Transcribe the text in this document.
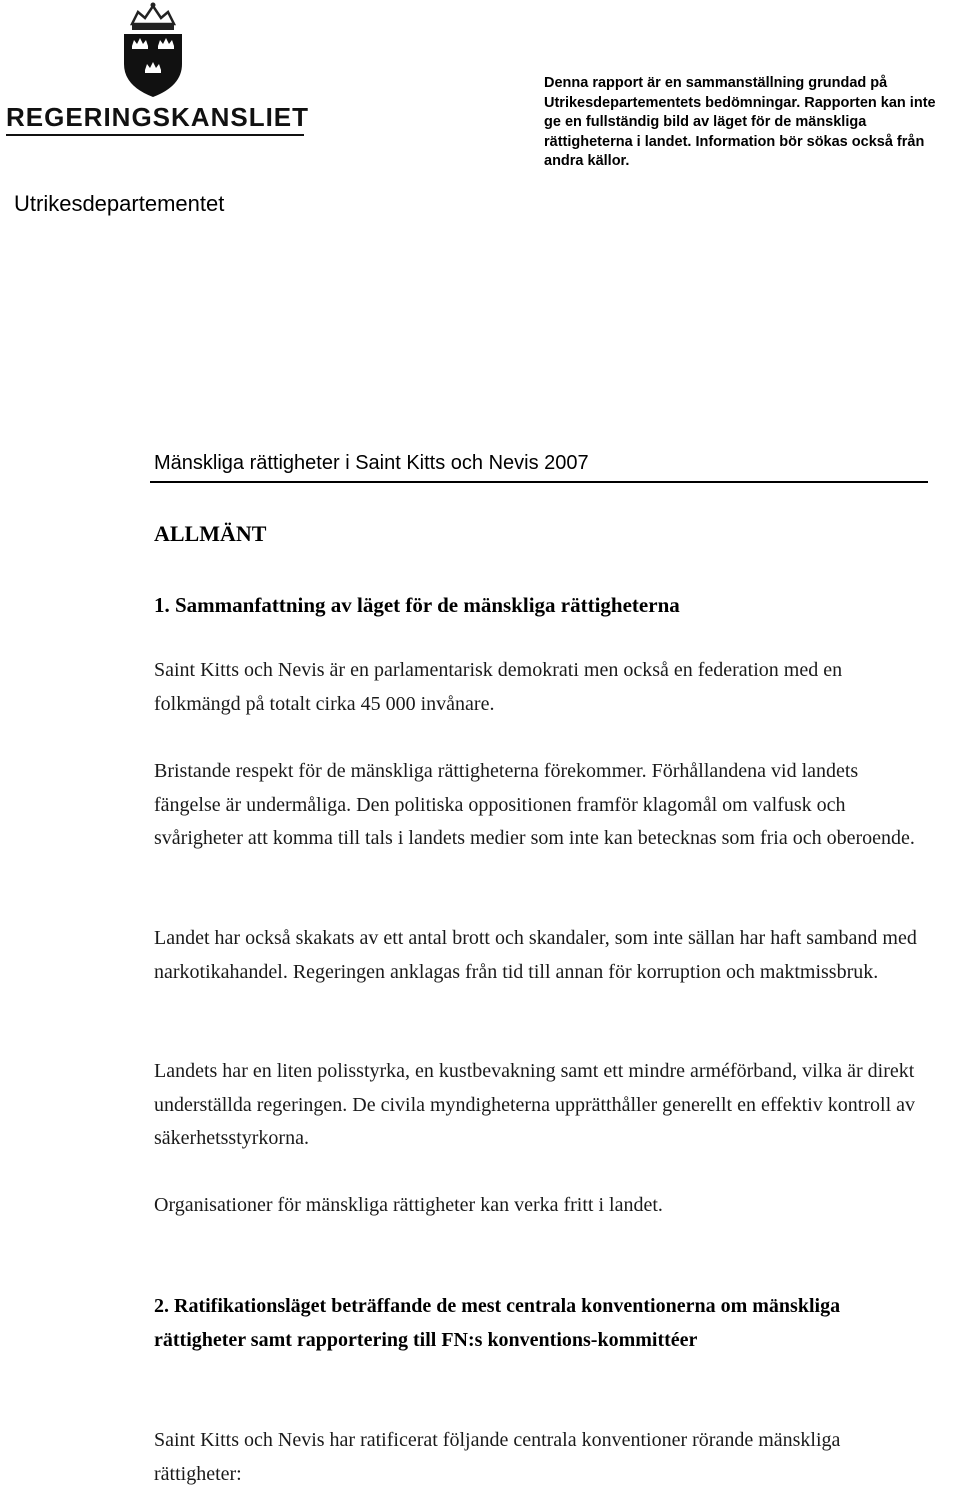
REGERINGSKANSLIET
Utrikesdepartementet
Denna rapport är en sammanställning grundad på Utrikesdepartementets bedömningar. Rapporten kan inte ge en fullständig bild av läget för de mänskliga rättigheterna i landet. Information bör sökas också från andra källor.
Mänskliga rättigheter i Saint Kitts och Nevis 2007
ALLMÄNT
1. Sammanfattning av läget för de mänskliga rättigheterna
Saint Kitts och Nevis är en parlamentarisk demokrati men också en federation med en folkmängd på totalt cirka 45 000 invånare.
Bristande respekt för de mänskliga rättigheterna förekommer. Förhållandena vid landets fängelse är undermåliga. Den politiska oppositionen framför klagomål om valfusk och svårigheter att komma till tals i landets medier som inte kan betecknas som fria och oberoende.
Landet har också skakats av ett antal brott och skandaler, som inte sällan har haft samband med narkotikahandel. Regeringen anklagas från tid till annan för korruption och maktmissbruk.
Landets har en liten polisstyrka, en kustbevakning samt ett mindre arméförband, vilka är direkt underställda regeringen. De civila myndigheterna upprätthåller generellt en effektiv kontroll av säkerhetsstyrkorna.
Organisationer för mänskliga rättigheter kan verka fritt i landet.
2. Ratifikationsläget beträffande de mest centrala konventionerna om mänskliga rättigheter samt rapportering till FN:s konventions-kommittéer
Saint Kitts och Nevis har ratificerat följande centrala konventioner rörande mänskliga rättigheter:
